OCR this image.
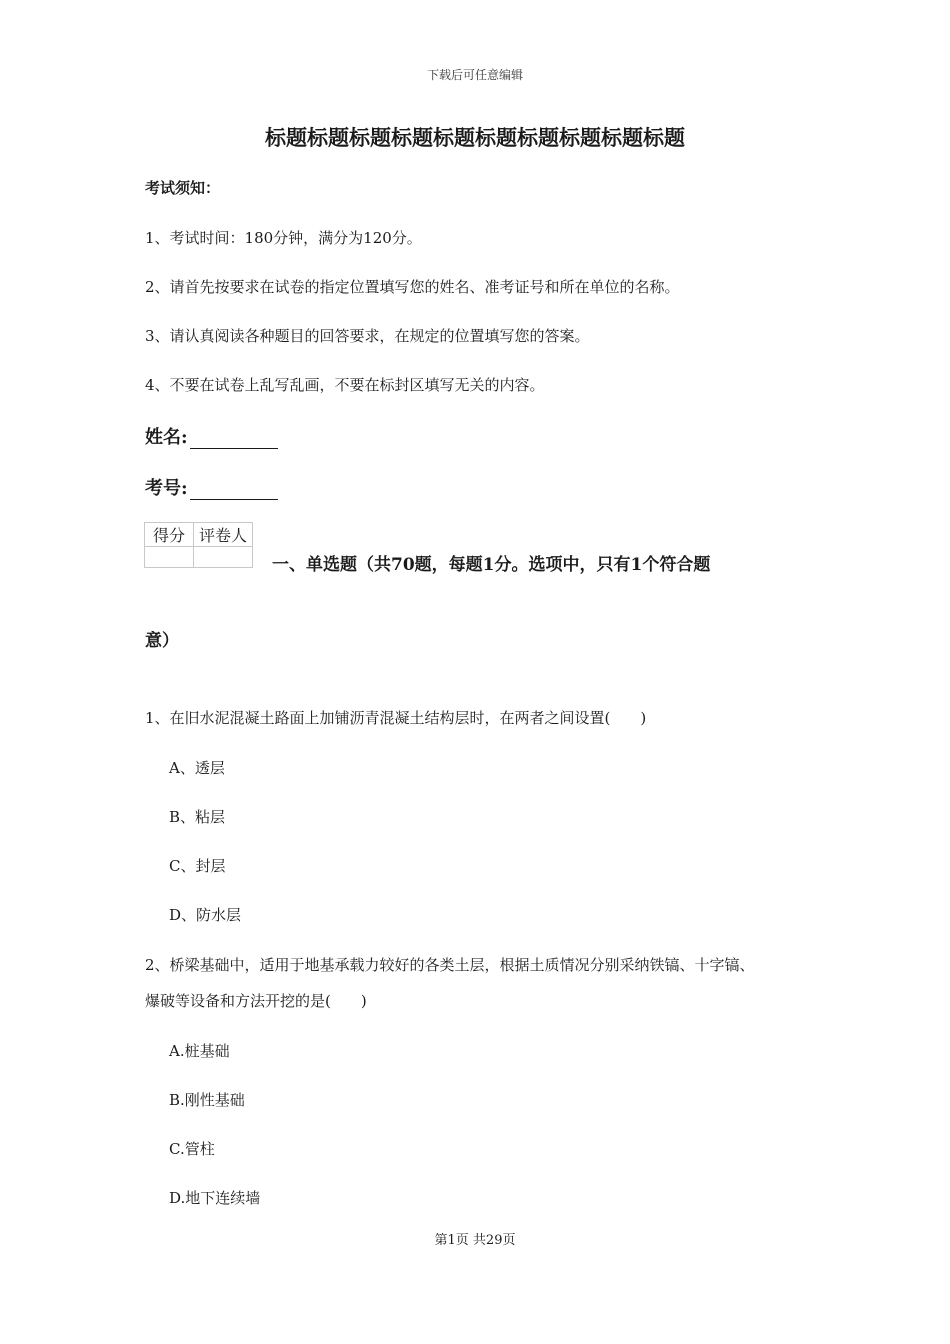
下载后可任意编辑
标题标题标题标题标题标题标题标题标题标题
考试须知：
1、考试时间：180分钟，满分为120分。
2、请首先按要求在试卷的指定位置填写您的姓名、准考证号和所在单位的名称。
3、请认真阅读各种题目的回答要求，在规定的位置填写您的答案。
4、不要在试卷上乱写乱画，不要在标封区填写无关的内容。
姓名:
考号:
得分	评卷人

一、单选题（共70题，每题1分。选项中，只有1个符合题
意）
1、在旧水泥混凝土路面上加铺沥青混凝土结构层时，在两者之间设置(　　)
A、透层
B、粘层
C、封层
D、防水层
2、桥梁基础中，适用于地基承载力较好的各类土层，根据土质情况分别采纳铁镐、十字镐、
爆破等设备和方法开挖的是(　　)
A.桩基础
B.刚性基础
C.管柱
D.地下连续墙
第1页 共29页
